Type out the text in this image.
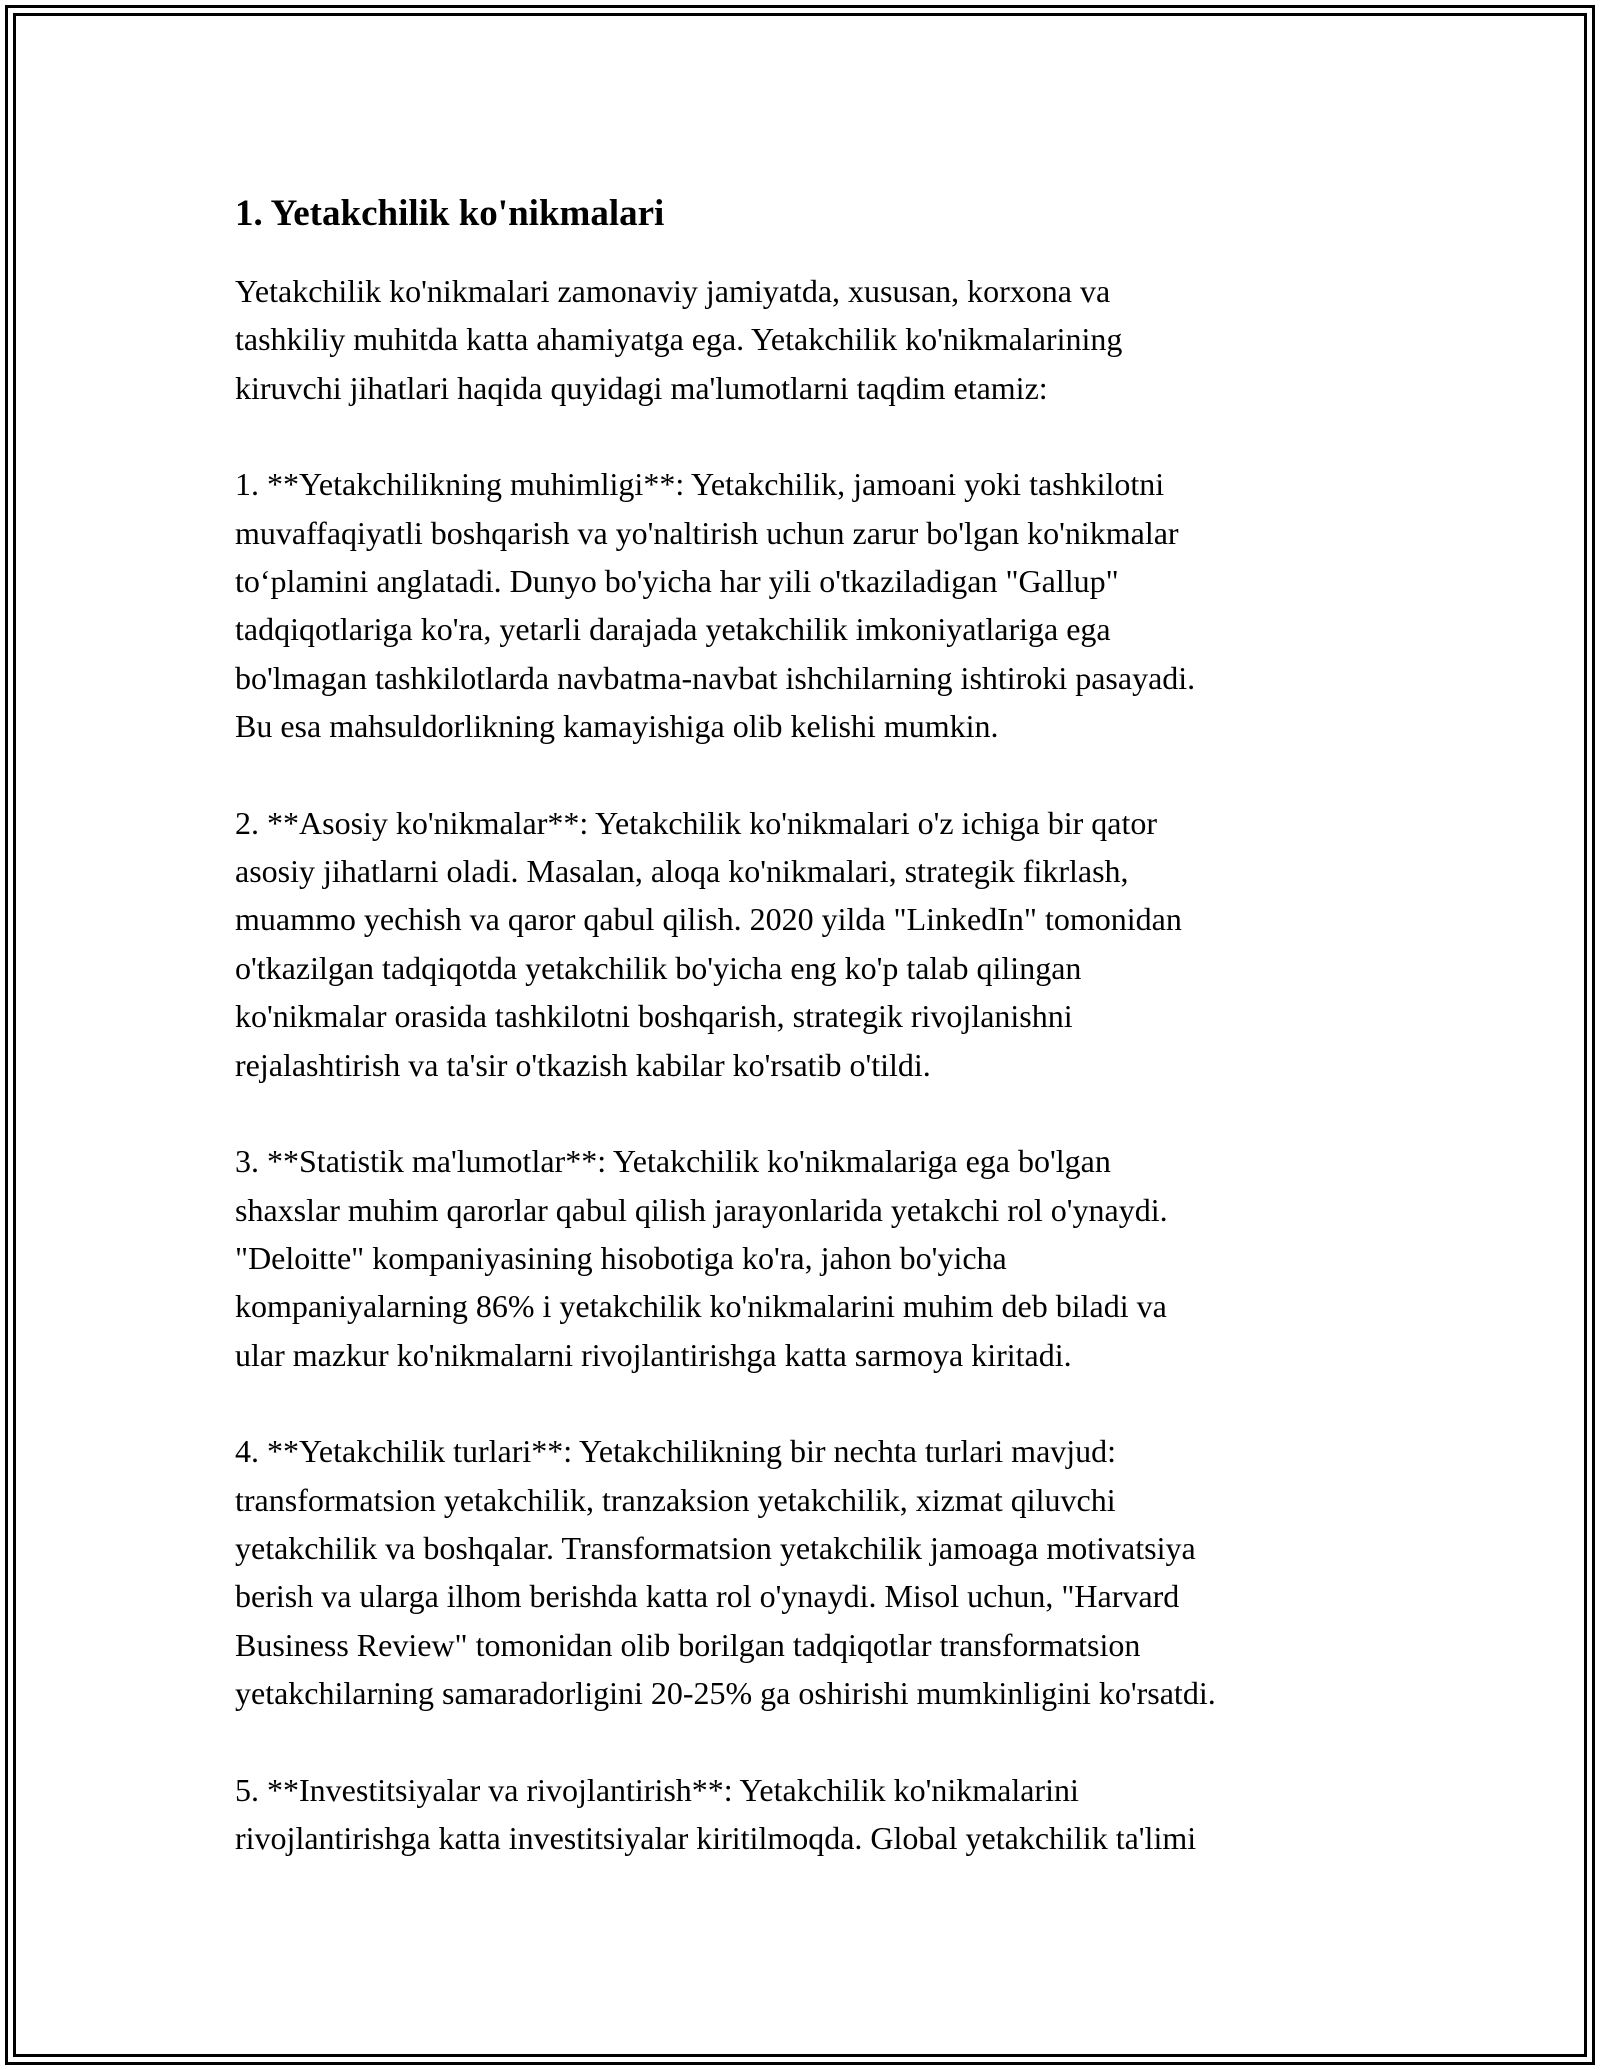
1. Yetakchilik ko'nikmalari

Yetakchilik ko'nikmalari zamonaviy jamiyatda, xususan, korxona va
tashkiliy muhitda katta ahamiyatga ega. Yetakchilik ko'nikmalarining
kiruvchi jihatlari haqida quyidagi ma'lumotlarni taqdim etamiz:

1. **Yetakchilikning muhimligi**: Yetakchilik, jamoani yoki tashkilotni
muvaffaqiyatli boshqarish va yo'naltirish uchun zarur bo'lgan ko'nikmalar
to‘plamini anglatadi. Dunyo bo'yicha har yili o'tkaziladigan "Gallup"
tadqiqotlariga ko'ra, yetarli darajada yetakchilik imkoniyatlariga ega
bo'lmagan tashkilotlarda navbatma-navbat ishchilarning ishtiroki pasayadi.
Bu esa mahsuldorlikning kamayishiga olib kelishi mumkin.

2. **Asosiy ko'nikmalar**: Yetakchilik ko'nikmalari o'z ichiga bir qator
asosiy jihatlarni oladi. Masalan, aloqa ko'nikmalari, strategik fikrlash,
muammo yechish va qaror qabul qilish. 2020 yilda "LinkedIn" tomonidan
o'tkazilgan tadqiqotda yetakchilik bo'yicha eng ko'p talab qilingan
ko'nikmalar orasida tashkilotni boshqarish, strategik rivojlanishni
rejalashtirish va ta'sir o'tkazish kabilar ko'rsatib o'tildi.

3. **Statistik ma'lumotlar**: Yetakchilik ko'nikmalariga ega bo'lgan
shaxslar muhim qarorlar qabul qilish jarayonlarida yetakchi rol o'ynaydi.
"Deloitte" kompaniyasining hisobotiga ko'ra, jahon bo'yicha
kompaniyalarning 86% i yetakchilik ko'nikmalarini muhim deb biladi va
ular mazkur ko'nikmalarni rivojlantirishga katta sarmoya kiritadi.

4. **Yetakchilik turlari**: Yetakchilikning bir nechta turlari mavjud:
transformatsion yetakchilik, tranzaksion yetakchilik, xizmat qiluvchi
yetakchilik va boshqalar. Transformatsion yetakchilik jamoaga motivatsiya
berish va ularga ilhom berishda katta rol o'ynaydi. Misol uchun, "Harvard
Business Review" tomonidan olib borilgan tadqiqotlar transformatsion
yetakchilarning samaradorligini 20-25% ga oshirishi mumkinligini ko'rsatdi.

5. **Investitsiyalar va rivojlantirish**: Yetakchilik ko'nikmalarini
rivojlantirishga katta investitsiyalar kiritilmoqda. Global yetakchilik ta'limi
